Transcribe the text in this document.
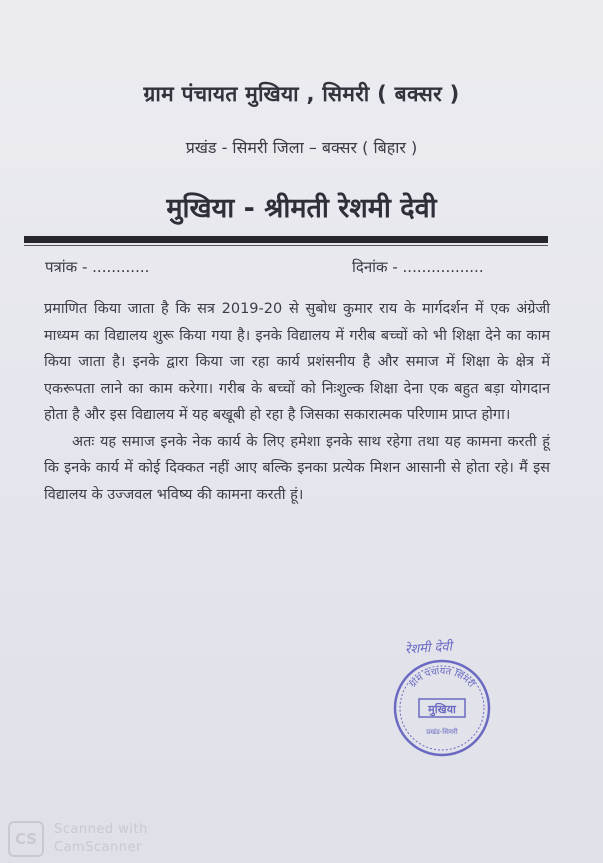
ग्राम पंचायत मुखिया , सिमरी ( बक्सर )
प्रखंड - सिमरी जिला – बक्सर ( बिहार )
मुखिया - श्रीमती रेशमी देवी
पत्रांक - ............	दिनांक - .................

प्रमाणित किया जाता है कि सत्र 2019-20 से सुबोध कुमार राय के मार्गदर्शन में एक अंग्रेजी माध्यम का विद्यालय शुरू किया गया है। इनके विद्यालय में गरीब बच्चों को भी शिक्षा देने का काम किया जाता है। इनके द्वारा किया जा रहा कार्य प्रशंसनीय है और समाज में शिक्षा के क्षेत्र में एकरूपता लाने का काम करेगा। गरीब के बच्चों को निःशुल्क शिक्षा देना एक बहुत बड़ा योगदान होता है और इस विद्यालय में यह बखूबी हो रहा है जिसका सकारात्मक परिणाम प्राप्त होगा।

अतः यह समाज इनके नेक कार्य के लिए हमेशा इनके साथ रहेगा तथा यह कामना करती हूं कि इनके कार्य में कोई दिक्कत नहीं आए बल्कि इनका प्रत्येक मिशन आसानी से होता रहे। मैं इस विद्यालय के उज्जवल भविष्य की कामना करती हूं।

रेशमी देवी
ग्राम पंचायत सिमरी
मुखिया
प्रखंड-सिमरी
CS
Scanned with
CamScanner
